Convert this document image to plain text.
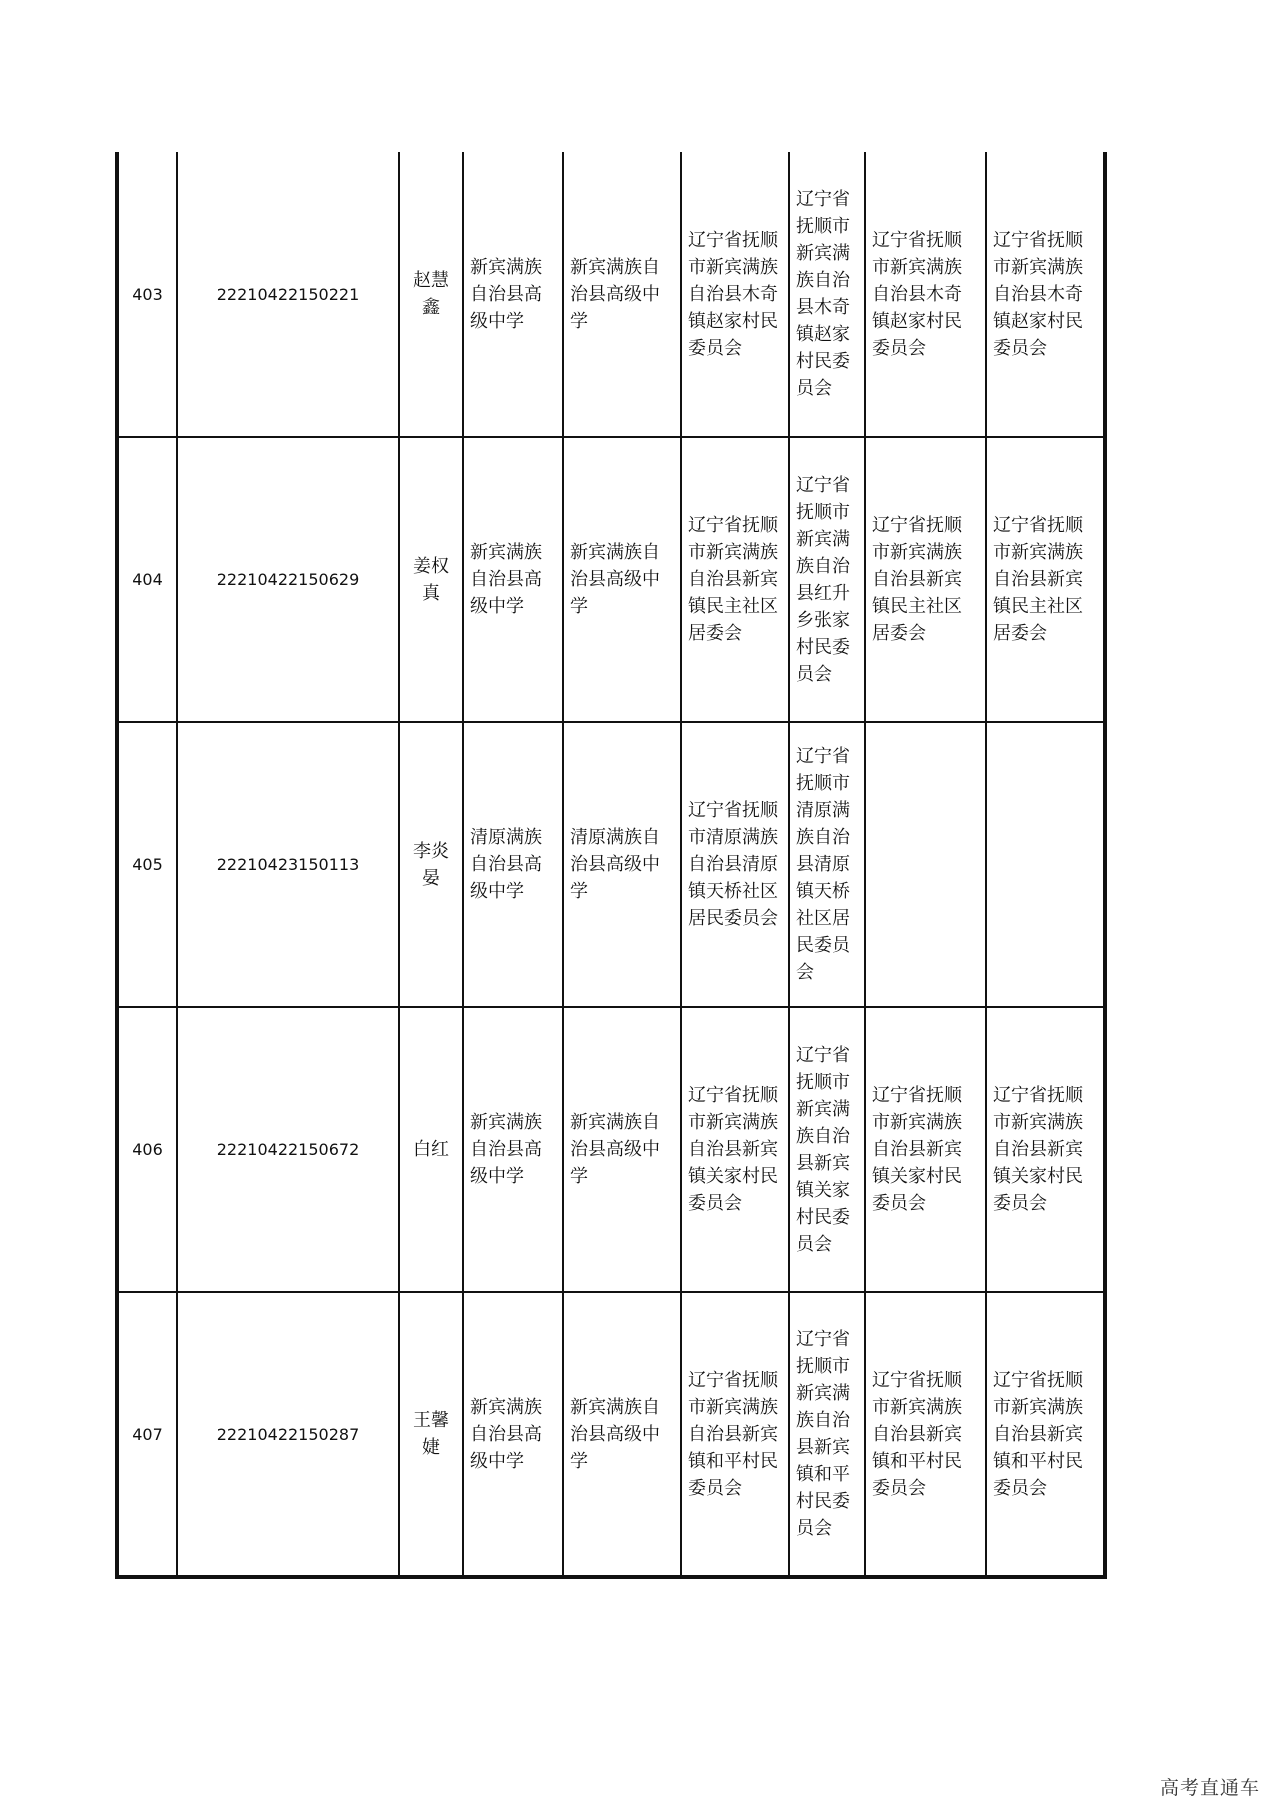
403	22210422150221	赵慧鑫	新宾满族自治县高级中学	新宾满族自治县高级中学	辽宁省抚顺市新宾满族自治县木奇镇赵家村民委员会	辽宁省抚顺市新宾满族自治县木奇镇赵家村民委员会	辽宁省抚顺市新宾满族自治县木奇镇赵家村民委员会	辽宁省抚顺市新宾满族自治县木奇镇赵家村民委员会
404	22210422150629	姜权真	新宾满族自治县高级中学	新宾满族自治县高级中学	辽宁省抚顺市新宾满族自治县新宾镇民主社区居委会	辽宁省抚顺市新宾满族自治县红升乡张家村民委员会	辽宁省抚顺市新宾满族自治县新宾镇民主社区居委会	辽宁省抚顺市新宾满族自治县新宾镇民主社区居委会
405	22210423150113	李炎晏	清原满族自治县高级中学	清原满族自治县高级中学	辽宁省抚顺市清原满族自治县清原镇天桥社区居民委员会	辽宁省抚顺市清原满族自治县清原镇天桥社区居民委员会		
406	22210422150672	白红	新宾满族自治县高级中学	新宾满族自治县高级中学	辽宁省抚顺市新宾满族自治县新宾镇关家村民委员会	辽宁省抚顺市新宾满族自治县新宾镇关家村民委员会	辽宁省抚顺市新宾满族自治县新宾镇关家村民委员会	辽宁省抚顺市新宾满族自治县新宾镇关家村民委员会
407	22210422150287	王馨婕	新宾满族自治县高级中学	新宾满族自治县高级中学	辽宁省抚顺市新宾满族自治县新宾镇和平村民委员会	辽宁省抚顺市新宾满族自治县新宾镇和平村民委员会	辽宁省抚顺市新宾满族自治县新宾镇和平村民委员会	辽宁省抚顺市新宾满族自治县新宾镇和平村民委员会
高考直通车
